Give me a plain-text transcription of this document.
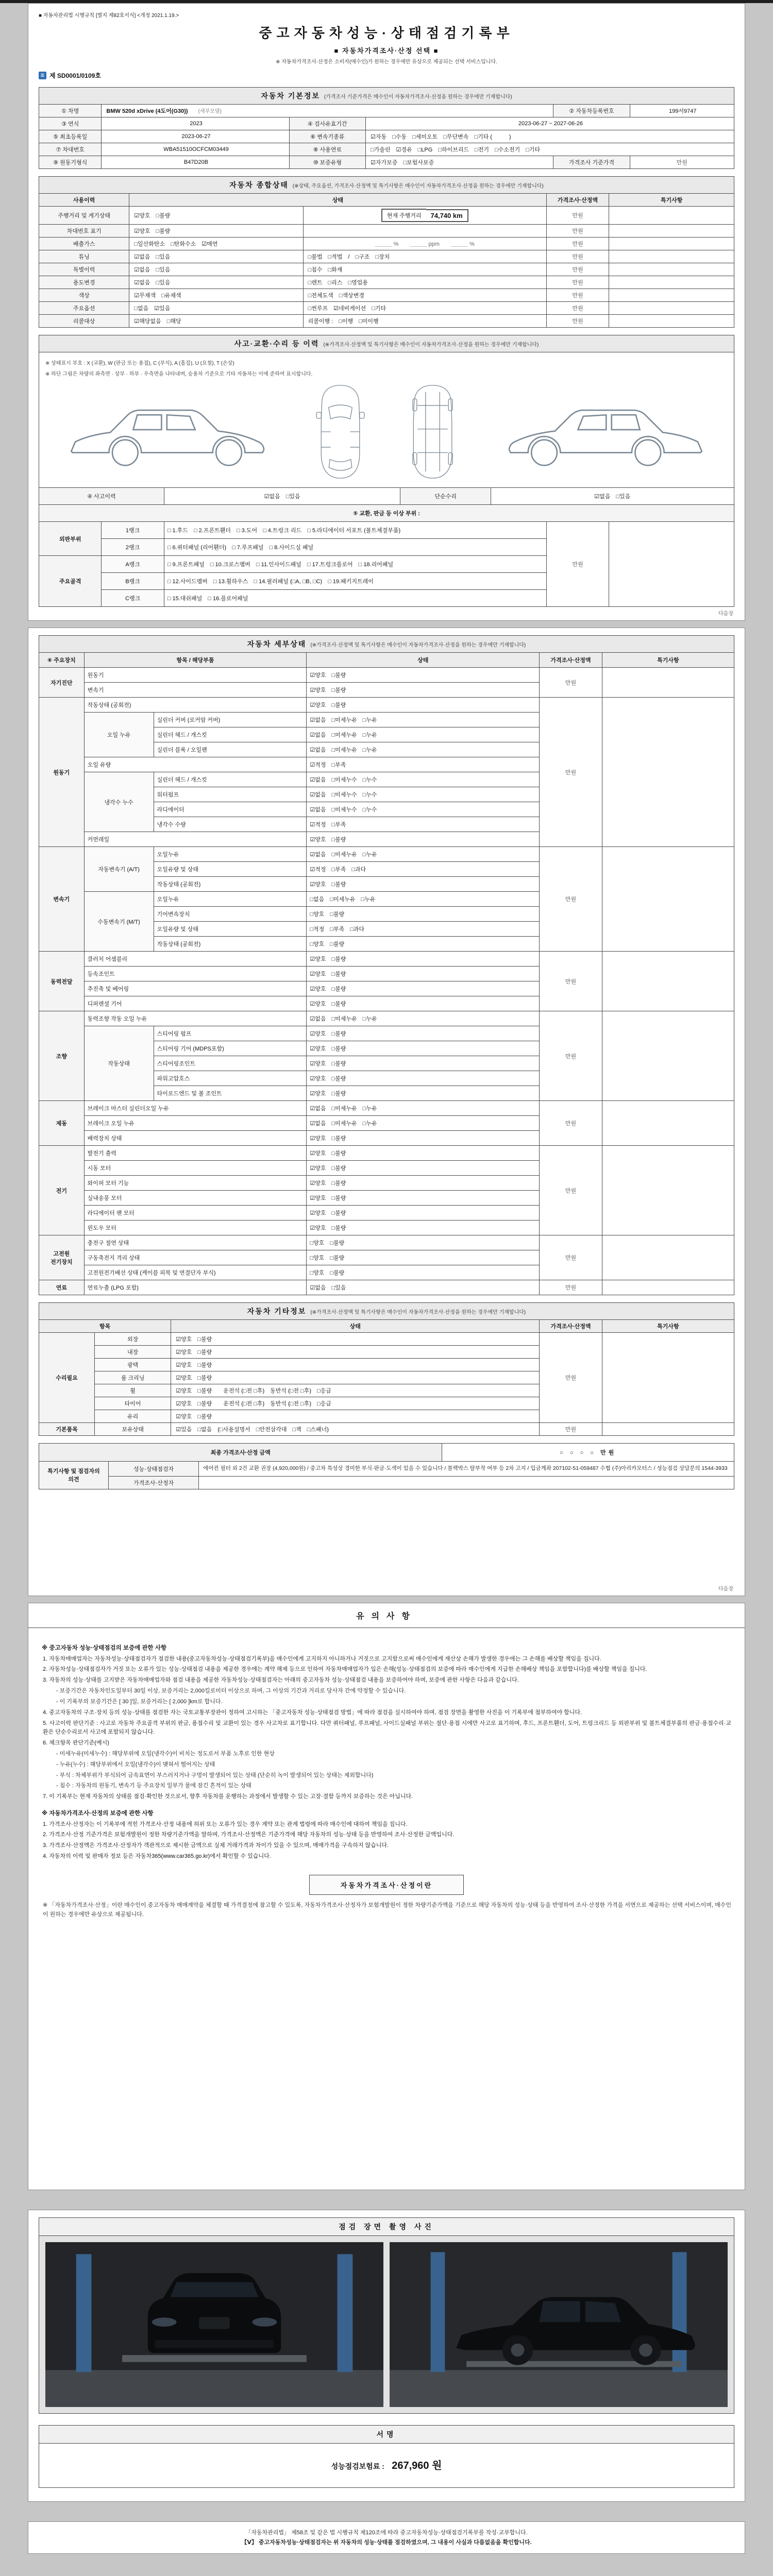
■ 자동차관리법 시행규칙 [별지 제82호서식] <개정 2021.1.19.>
중고자동차성능·상태점검기록부
■ 자동차가격조사·산정 선택 ■
※ 자동차가격조사·산정은 소비자(매수인)가 원하는 경우에만 유상으로 제공되는 선택 서비스입니다.
≣ 제 SD0001/0109호
자동차 기본정보 (가격조사 기준가격은 매수인이 자동차가격조사·산정을 원하는 경우에만 기재합니다)
① 차명	BMW 520d xDrive (4도어(G30))　　(세부모델)			② 자동차등록번호	199서9747
③ 연식	2023	④ 검사유효기간	2023-06-27 ~ 2027-06-26		
⑤ 최초등록일	2023-06-27	⑥ 변속기종류	☑자동　□수동　□세미오토　□무단변속　□기타 (　　　)		
⑦ 차대번호	WBA51510OCFCM03449	⑧ 사용연료	□가솔린　☑경유　□LPG　□하이브리드　□전기　□수소전기　□기타		
⑨ 원동기형식	B47D20B	⑩ 보증유형	☑자가보증　□보험사보증	가격조사 기준가격	만원
자동차 종합상태 (※상태, 주요옵션, 가격조사·산정액 및 특기사항은 매수인이 자동차가격조사·산정을 원하는 경우에만 기재합니다)
사용이력	상태		가격조사·산정액	특기사항
주행거리 및 계기상태	☑양호　□불량	현재 주행거리 74,740 km	만원	
차대번호 표기	☑양호　□불량		만원	
배출가스	□일산화탄소　□탄화수소　☑매연	＿＿＿ %　　＿＿＿ ppm　　＿＿＿ %	만원	
튜닝	☑없음　□있음	□불법　□적법　/　□구조　□장치	만원	
특별이력	☑없음　□있음	□침수　□화재	만원	
용도변경	☑없음　□있음	□렌트　□리스　□영업용	만원	
색상	☑무채색　□유채색	□전체도색　□색상변경	만원	
주요옵션	□없음　☑있음	□썬루프　☑네비게이션　□기타	만원	
리콜대상	☑해당없음　□해당	리콜이행 :　□이행　□미이행	만원	
사고·교환·수리 등 이력 (※가격조사·산정액 및 특기사항은 매수인이 자동차가격조사·산정을 원하는 경우에만 기재합니다)
※ 상태표시 부호 : X (교환), W (판금 또는 용접), C (부식), A (흠집), U (요철), T (손상)
※ 하단 그림은 차량의 좌측면 · 상부 · 하부 · 우측면을 나타내며, 승용차 기준으로 기타 자동차는 이에 준하여 표시합니다.
④ 사고이력	☑없음　□있음	단순수리	☑없음　□있음
⑤ 교환, 판금 등 이상 부위 :				
외판부위	1랭크	□ 1.후드　□ 2.프론트휀더　□ 3.도어　□ 4.트렁크 리드　□ 5.라디에이터 서포트 (볼트체결부품)	만원	
	2랭크	□ 6.쿼터패널 (리어휀더)　□ 7.루프패널　□ 8.사이드실 패널		
주요골격	A랭크	□ 9.프론트패널　□ 10.크로스멤버　□ 11.인사이드패널　□ 17.트렁크플로어　□ 18.리어패널		
	B랭크	□ 12.사이드멤버　□ 13.휠하우스　□ 14.필러패널 (□A, □B, □C)　□ 19.패키지트레이		
	C랭크	□ 15.대쉬패널　□ 16.플로어패널		
다음장
자동차 세부상태 (※가격조사·산정액 및 특기사항은 매수인이 자동차가격조사·산정을 원하는 경우에만 기재합니다)
⑥ 주요장치	항목 / 해당부품		상태	가격조사·산정액	특기사항
자기진단	원동기		☑양호　□불량	만원	
	변속기		☑양호　□불량		
원동기	작동상태 (공회전)		☑양호　□불량	만원	
	오일 누유	실린더 커버 (로커암 커버)	☑없음　□미세누유　□누유		
		실린더 헤드 / 개스킷	☑없음　□미세누유　□누유		
		실린더 블록 / 오일팬	☑없음　□미세누유　□누유		
	오일 유량		☑적정　□부족		
	냉각수 누수	실린더 헤드 / 개스킷	☑없음　□미세누수　□누수		
		워터펌프	☑없음　□미세누수　□누수		
		라디에이터	☑없음　□미세누수　□누수		
		냉각수 수량	☑적정　□부족		
	커먼레일		☑양호　□불량		
변속기	자동변속기 (A/T)	오일누유	☑없음　□미세누유　□누유	만원	
		오일유량 및 상태	☑적정　□부족　□과다		
		작동상태 (공회전)	☑양호　□불량		
	수동변속기 (M/T)	오일누유	□없음　□미세누유　□누유		
		기어변속장치	□양호　□불량		
		오일유량 및 상태	□적정　□부족　□과다		
		작동상태 (공회전)	□양호　□불량		
동력전달	클러치 어셈블리		☑양호　□불량	만원	
	등속조인트		☑양호　□불량		
	추진축 및 베어링		☑양호　□불량		
	디퍼렌셜 기어		☑양호　□불량		
조향	동력조향 작동 오일 누유		☑없음　□미세누유　□누유	만원	
	작동상태	스티어링 펌프	☑양호　□불량		
		스티어링 기어 (MDPS포함)	☑양호　□불량		
		스티어링조인트	☑양호　□불량		
		파워고압호스	☑양호　□불량		
		타이로드엔드 및 볼 조인트	☑양호　□불량		
제동	브레이크 마스터 실린더오일 누유		☑없음　□미세누유　□누유	만원	
	브레이크 오일 누유		☑없음　□미세누유　□누유		
	배력장치 상태		☑양호　□불량		
전기	발전기 출력		☑양호　□불량	만원	
	시동 모터		☑양호　□불량		
	와이퍼 모터 기능		☑양호　□불량		
	실내송풍 모터		☑양호　□불량		
	라디에이터 팬 모터		☑양호　□불량		
	윈도우 모터		☑양호　□불량		
고전원 전기장치	충전구 절연 상태		□양호　□불량	만원	
	구동축전지 격리 상태		□양호　□불량		
	고전원전기배선 상태 (케이블 피복 및 연결단자 부식)		□양호　□불량		
연료	연료누출 (LPG 포함)		☑없음　□있음	만원	
자동차 기타정보 (※가격조사·산정액 및 특기사항은 매수인이 자동차가격조사·산정을 원하는 경우에만 기재합니다)
항목		상태	가격조사·산정액	특기사항
수리필요	외장	☑양호　□불량	만원	
	내장	☑양호　□불량		
	광택	☑양호　□불량		
	룸 크리닝	☑양호　□불량		
	휠	☑양호　□불량　　운전석 (□전 □후)　동반석 (□전 □후)　□응급		
	타이어	☑양호　□불량　　운전석 (□전 □후)　동반석 (□전 □후)　□응급		
	유리	☑양호　□불량		
기본품목	보유상태	☑있음　□없음　(□사용설명서　□안전삼각대　□잭　□스패너)	만원	
최종 가격조사·산정 금액	○ ○ ○ ○ 만원
특기사항 및 점검자의 의견	성능·상태점검자	에어컨 필터 외 2건 교환 권장 (4,920,000원) / 중고차 특성상 경미한 부식·판금·도색이 있을 수 있습니다 / 블랙박스 탈부착 여부 등 2차 고지 / 입금계좌 207102-51-059487 수협 (주)아리카모터스 / 성능점검 상담문의 1544-3933
	가격조사·산정자	
다음장
유의사항
※ 중고자동차 성능·상태점검의 보증에 관한 사항
1. 자동차매매업자는 자동차성능·상태점검자가 점검한 내용(중고자동차성능·상태점검기록부)을 매수인에게 고지하지 아니하거나 거짓으로 고지함으로써 매수인에게 재산상 손해가 발생한 경우에는 그 손해를 배상할 책임을 집니다.
2. 자동차성능·상태점검자가 거짓 또는 오류가 있는 성능·상태점검 내용을 제공한 경우에는 계약 해제 등으로 인하여 자동차매매업자가 입은 손해(성능·상태점검의 보증에 따라 매수인에게 지급한 손해배상 책임을 포함합니다)를 배상할 책임을 집니다.
3. 자동차의 성능·상태를 고지받은 자동차매매업자와 점검 내용을 제공한 자동차성능·상태점검자는 아래의 중고자동차 성능·상태점검 내용을 보증하여야 하며, 보증에 관한 사항은 다음과 같습니다.
- 보증기간은 자동차인도일부터 30일 이상, 보증거리는 2,000킬로미터 이상으로 하며, 그 이상의 기간과 거리로 당사자 간에 약정할 수 있습니다.
- 이 기록부의 보증기간은 [ 30 ]일, 보증거리는 [ 2,000 ]km로 합니다.
4. 중고자동차의 구조·장치 등의 성능·상태를 점검한 자는 국토교통부장관이 정하여 고시하는 「중고자동차 성능·상태점검 방법」에 따라 점검을 실시하여야 하며, 점검 장면을 촬영한 사진을 이 기록부에 첨부하여야 합니다.
5. 사고이력 판단기준 : 사고로 자동차 주요골격 부위의 판금, 용접수리 및 교환이 있는 경우 사고차로 표기합니다. 다만 쿼터패널, 루프패널, 사이드실패널 부위는 절단·용접 시에만 사고로 표기하며, 후드, 프론트휀더, 도어, 트렁크리드 등 외판부위 및 볼트체결부품의 판금·용접수리·교환은 단순수리로서 사고에 포함되지 않습니다.
6. 체크항목 판단기준(예시)
- 미세누유(미세누수) : 해당부위에 오일(냉각수)이 비치는 정도로서 부품 노후로 인한 현상
- 누유(누수) : 해당부위에서 오일(냉각수)이 맺혀서 떨어지는 상태
- 부식 : 차체부위가 부식되어 금속표면이 부스러지거나 구멍이 발생되어 있는 상태 (단순히 녹이 발생되어 있는 상태는 제외합니다)
- 침수 : 자동차의 원동기, 변속기 등 주요장치 일부가 물에 잠긴 흔적이 있는 상태
7. 이 기록부는 현재 자동차의 상태를 점검·확인한 것으로서, 향후 자동차를 운행하는 과정에서 발생할 수 있는 고장·결함 등까지 보증하는 것은 아닙니다.
※ 자동차가격조사·산정의 보증에 관한 사항
1. 가격조사·산정자는 이 기록부에 적힌 가격조사·산정 내용에 허위 또는 오류가 있는 경우 계약 또는 관계 법령에 따라 매수인에 대하여 책임을 집니다.
2. 가격조사·산정 기준가격은 보험개발원이 정한 차량기준가액을 말하며, 가격조사·산정액은 기준가격에 해당 자동차의 성능·상태 등을 반영하여 조사·산정한 금액입니다.
3. 가격조사·산정액은 가격조사·산정자가 객관적으로 제시한 금액으로 실제 거래가격과 차이가 있을 수 있으며, 매매가격을 구속하지 않습니다.
4. 자동차의 이력 및 판매자 정보 등은 자동차365(www.car365.go.kr)에서 확인할 수 있습니다.
자동차가격조사·산정이란
※ 「자동차가격조사·산정」이란 매수인이 중고자동차 매매계약을 체결할 때 가격결정에 참고할 수 있도록, 자동차가격조사·산정자가 보험개발원이 정한 차량기준가액을 기준으로 해당 자동차의 성능·상태 등을 반영하여 조사·산정한 가격을 서면으로 제공하는 선택 서비스이며, 매수인이 원하는 경우에만 유상으로 제공됩니다.
점검 장면 촬영 사진
서명
성능점검보험료 : 267,960 원
「자동차관리법」 제58조 및 같은 법 시행규칙 제120조에 따라 중고자동차성능·상태점검기록부를 작성·교부합니다.
【Ⅴ】 중고자동차성능·상태점검자는 위 자동차의 성능·상태를 점검하였으며, 그 내용이 사실과 다름없음을 확인합니다.
